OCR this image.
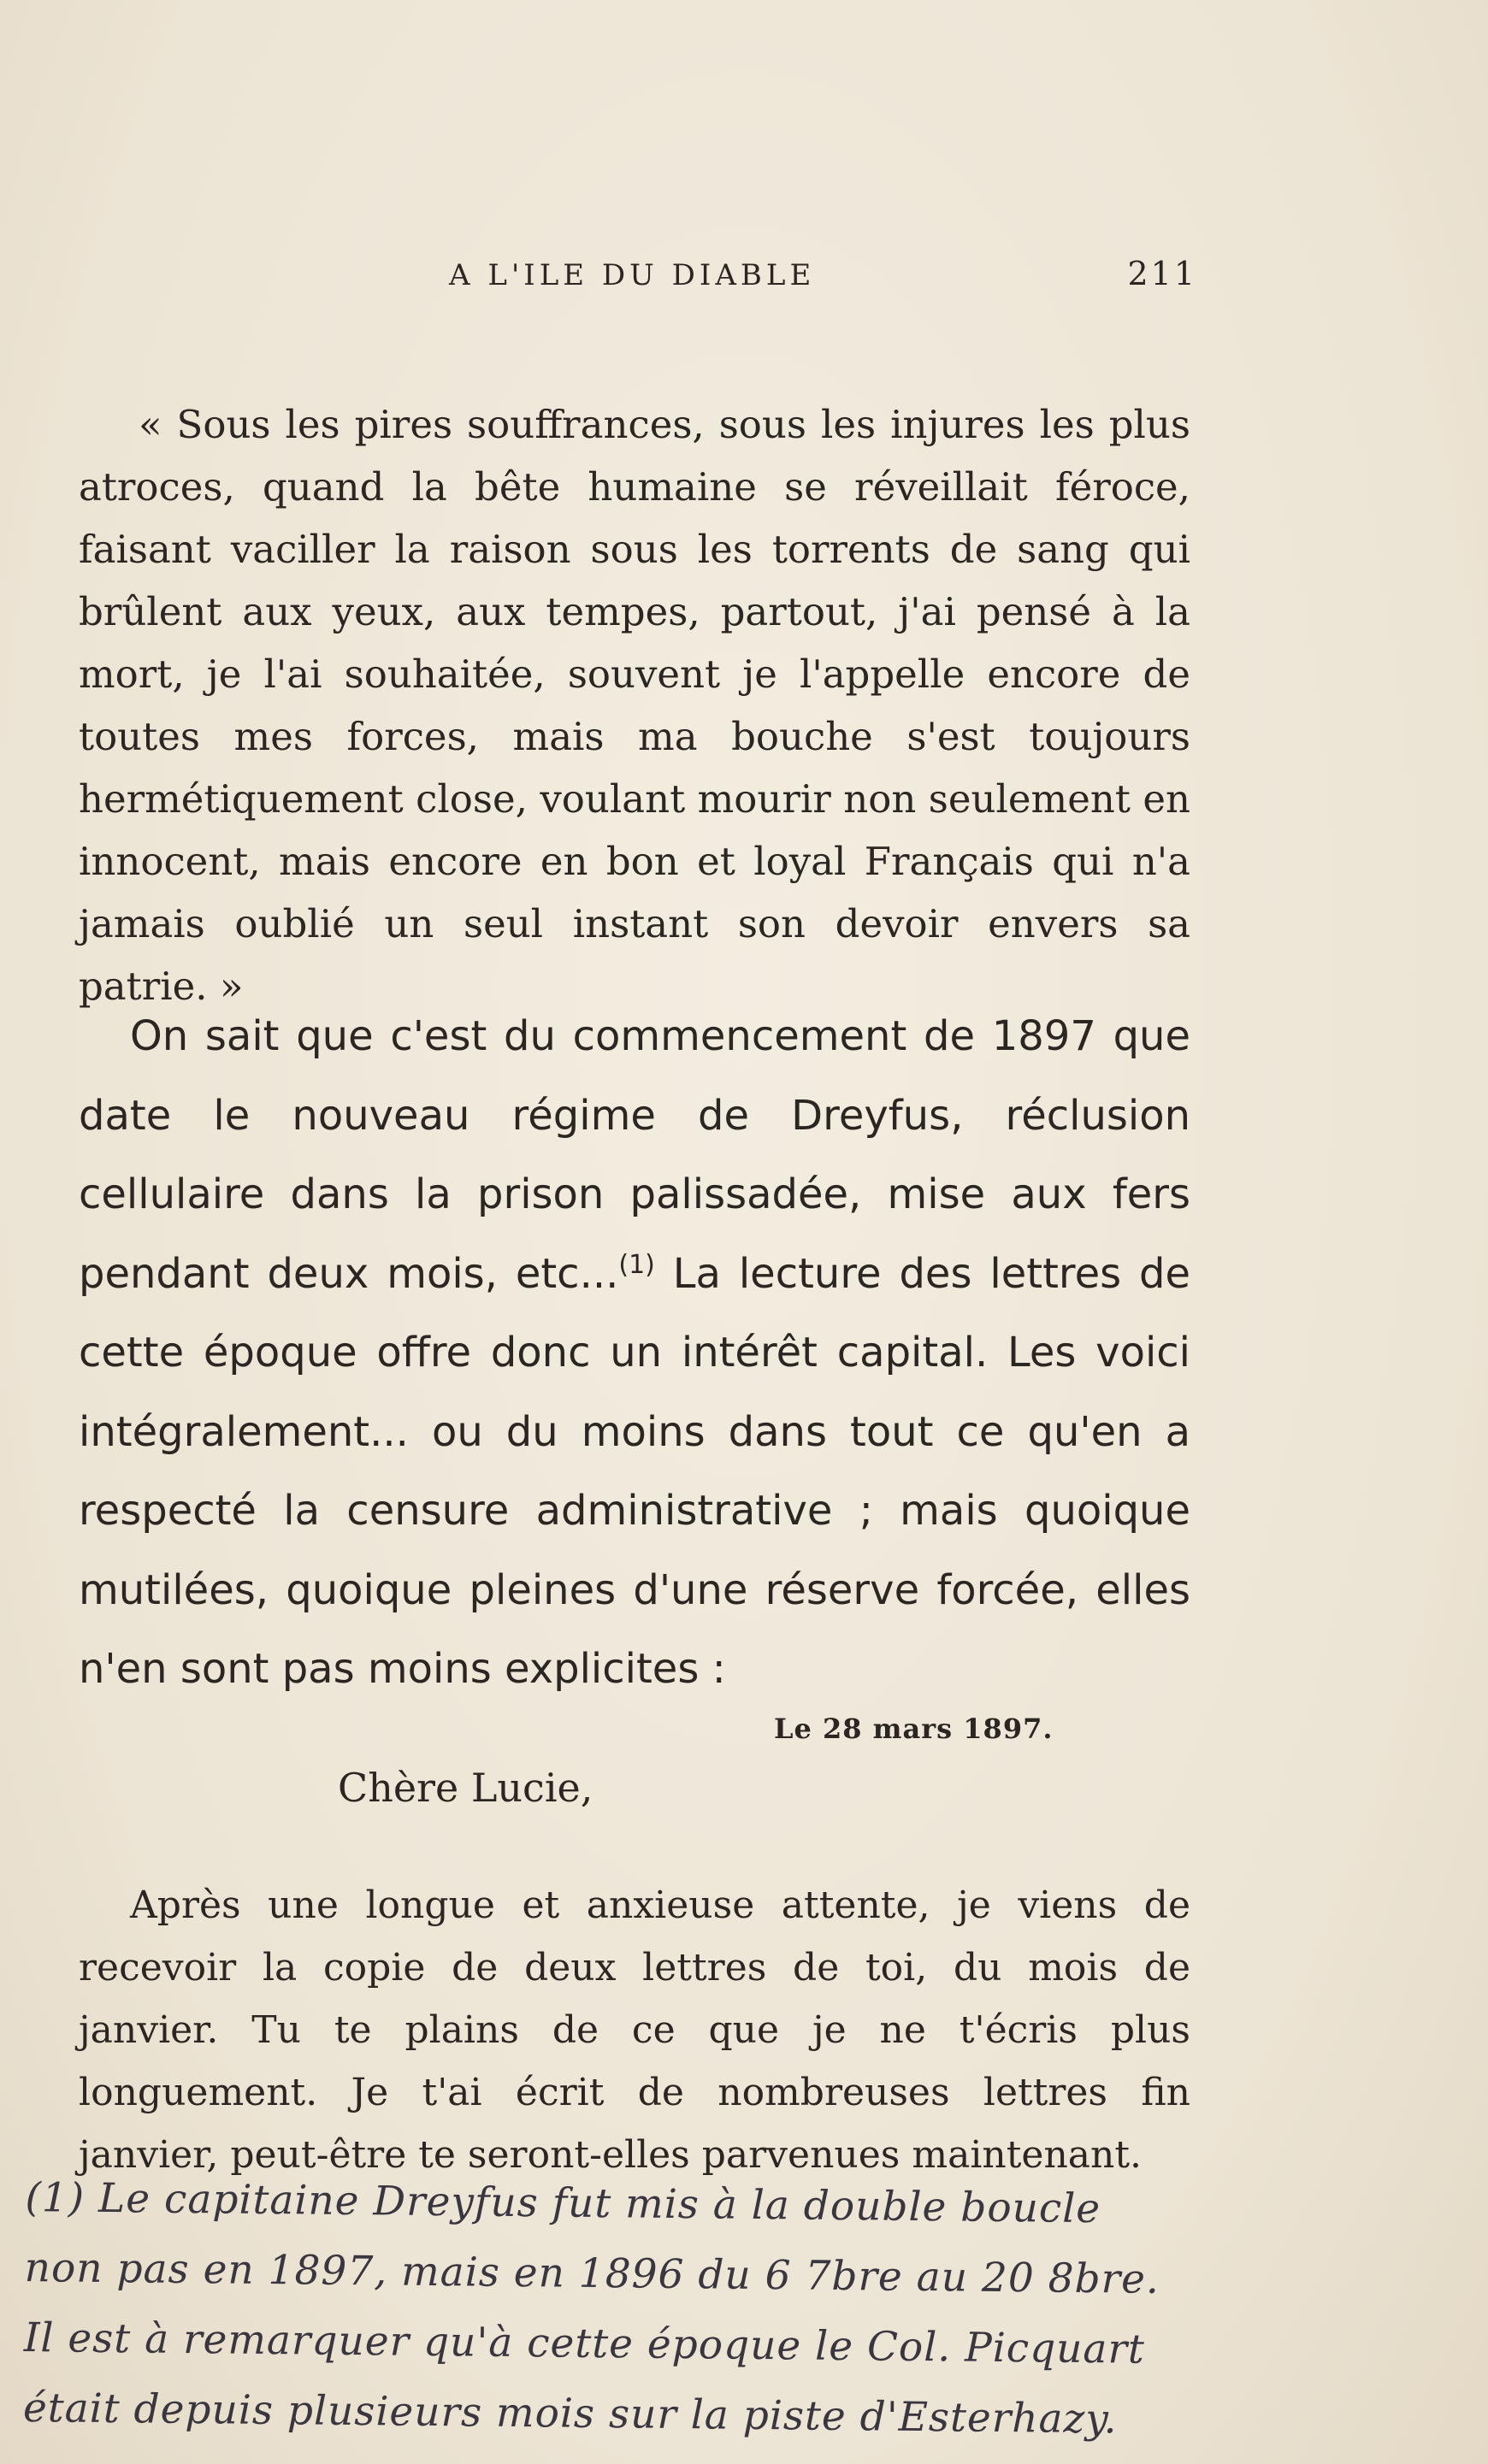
A L'ILE DU DIABLE	211

« Sous les pires souffrances, sous les injures les plus atroces, quand la bête humaine se réveillait féroce, faisant vaciller la raison sous les torrents de sang qui brûlent aux yeux, aux tempes, partout, j'ai pensé à la mort, je l'ai souhaitée, souvent je l'appelle encore de toutes mes forces, mais ma bouche s'est toujours hermétiquement close, voulant mourir non seulement en innocent, mais encore en bon et loyal Français qui n'a jamais oublié un seul instant son devoir envers sa patrie. »

On sait que c'est du commencement de 1897 que date le nouveau régime de Dreyfus, réclusion cellulaire dans la prison palissadée, mise aux fers pendant deux mois, etc...$^{(1)}$ La lecture des lettres de cette époque offre donc un intérêt capital. Les voici intégralement... ou du moins dans tout ce qu'en a respecté la censure administrative ; mais quoique mutilées, quoique pleines d'une réserve forcée, elles n'en sont pas moins explicites :

Le 28 mars 1897.
Chère Lucie,

Après une longue et anxieuse attente, je viens de recevoir la copie de deux lettres de toi, du mois de janvier. Tu te plains de ce que je ne t'écris plus longuement. Je t'ai écrit de nombreuses lettres fin janvier, peut-être te seront-elles parvenues maintenant.

(1) Le capitaine Dreyfus fut mis à la double boucle
non pas en 1897, mais en 1896 du 6 7bre au 20 8bre.
Il est à remarquer qu'à cette époque le Col. Picquart
était depuis plusieurs mois sur la piste d'Esterhazy.
